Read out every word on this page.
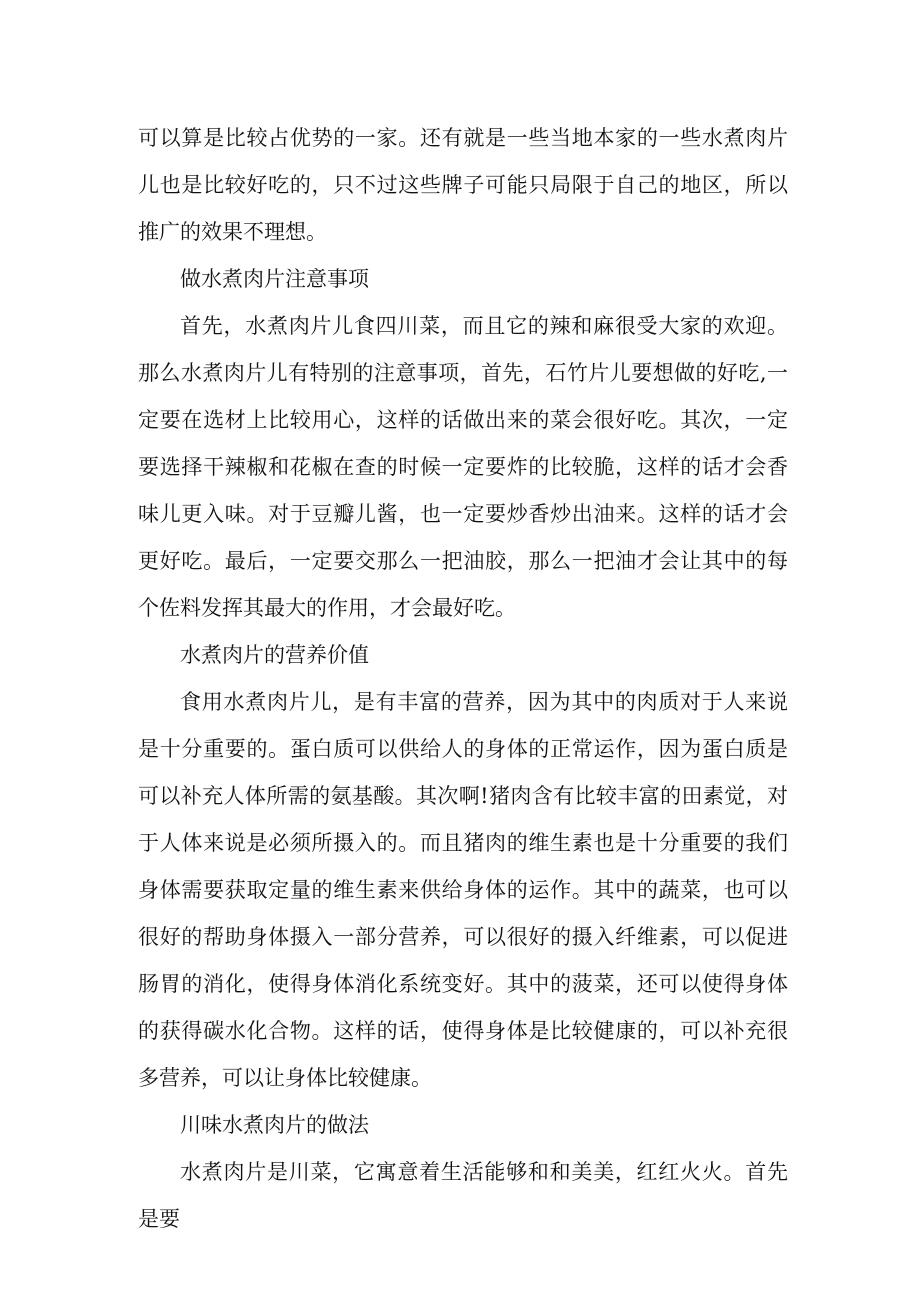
可以算是比较占优势的一家。还有就是一些当地本家的一些水煮肉片儿也是比较好吃的，只不过这些牌子可能只局限于自己的地区，所以推广的效果不理想。

做水煮肉片注意事项

首先，水煮肉片儿食四川菜，而且它的辣和麻很受大家的欢迎。那么水煮肉片儿有特别的注意事项，首先，石竹片儿要想做的好吃,一定要在选材上比较用心，这样的话做出来的菜会很好吃。其次，一定要选择干辣椒和花椒在查的时候一定要炸的比较脆，这样的话才会香味儿更入味。对于豆瓣儿酱，也一定要炒香炒出油来。这样的话才会更好吃。最后，一定要交那么一把油胶，那么一把油才会让其中的每个佐料发挥其最大的作用，才会最好吃。

水煮肉片的营养价值

食用水煮肉片儿，是有丰富的营养，因为其中的肉质对于人来说是十分重要的。蛋白质可以供给人的身体的正常运作，因为蛋白质是可以补充人体所需的氨基酸。其次啊!猪肉含有比较丰富的田素觉，对于人体来说是必须所摄入的。而且猪肉的维生素也是十分重要的我们身体需要获取定量的维生素来供给身体的运作。其中的蔬菜，也可以很好的帮助身体摄入一部分营养，可以很好的摄入纤维素，可以促进肠胃的消化，使得身体消化系统变好。其中的菠菜，还可以使得身体的获得碳水化合物。这样的话，使得身体是比较健康的，可以补充很多营养，可以让身体比较健康。

川味水煮肉片的做法

水煮肉片是川菜，它寓意着生活能够和和美美，红红火火。首先是要
